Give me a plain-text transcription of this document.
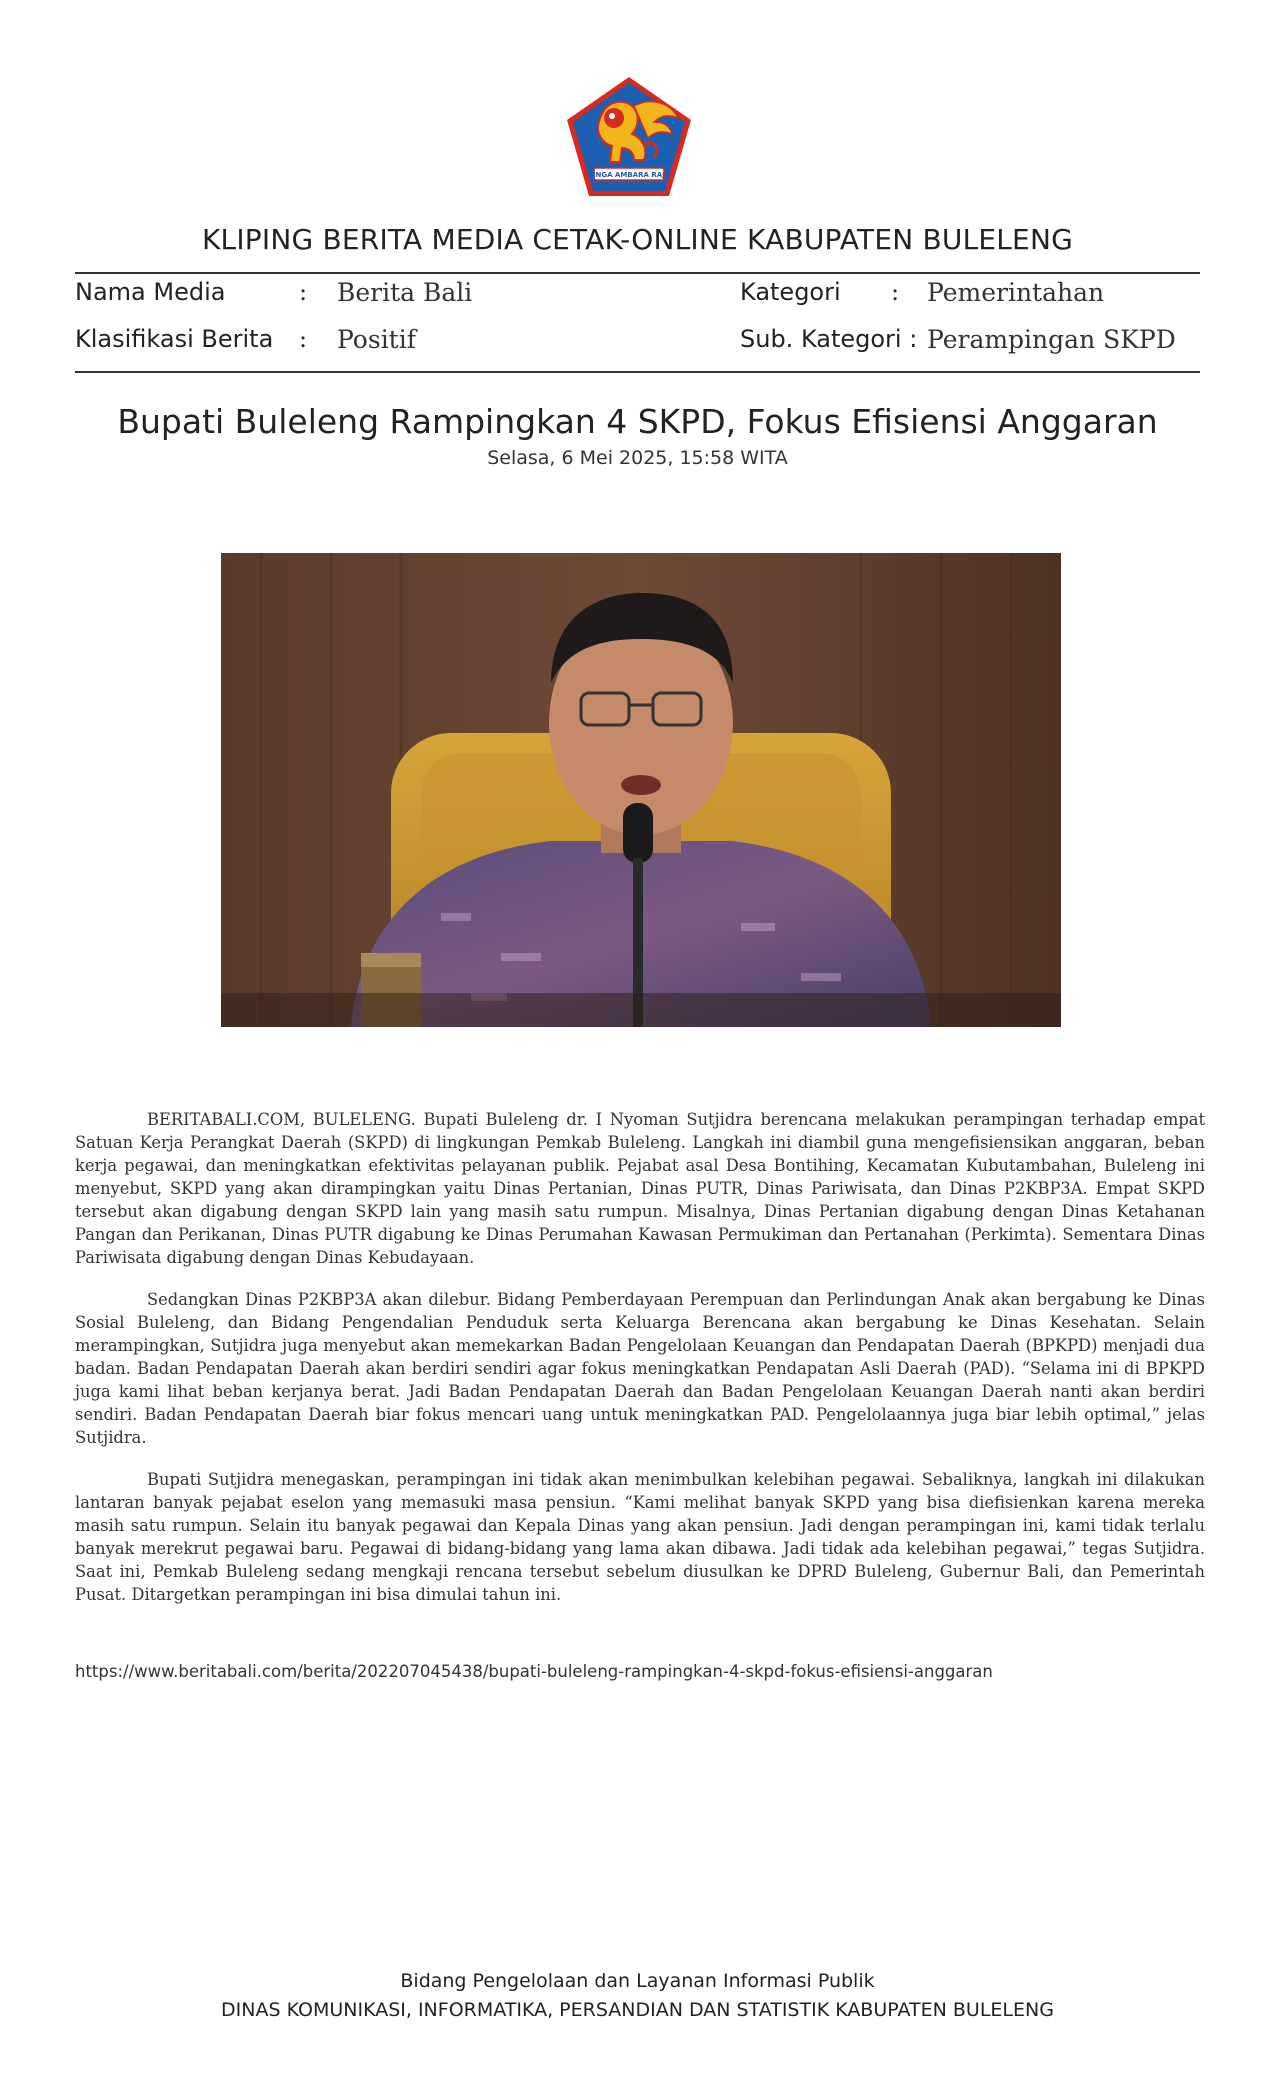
SINGA AMBARA RAJA
KLIPING BERITA MEDIA CETAK-ONLINE KABUPATEN BULELENG
Nama Media	: Berita Bali	Kategori : Pemerintahan
Klasifikasi Berita : Positif	Sub. Kategori : Perampingan SKPD
Bupati Buleleng Rampingkan 4 SKPD, Fokus Efisiensi Anggaran
Selasa, 6 Mei 2025, 15:58 WITA

BERITABALI.COM, BULELENG. Bupati Buleleng dr. I Nyoman Sutjidra berencana melakukan perampingan terhadap empat Satuan Kerja Perangkat Daerah (SKPD) di lingkungan Pemkab Buleleng. Langkah ini diambil guna mengefisiensikan anggaran, beban kerja pegawai, dan meningkatkan efektivitas pelayanan publik. Pejabat asal Desa Bontihing, Kecamatan Kubutambahan, Buleleng ini menyebut, SKPD yang akan dirampingkan yaitu Dinas Pertanian, Dinas PUTR, Dinas Pariwisata, dan Dinas P2KBP3A. Empat SKPD tersebut akan digabung dengan SKPD lain yang masih satu rumpun. Misalnya, Dinas Pertanian digabung dengan Dinas Ketahanan Pangan dan Perikanan, Dinas PUTR digabung ke Dinas Perumahan Kawasan Permukiman dan Pertanahan (Perkimta). Sementara Dinas Pariwisata digabung dengan Dinas Kebudayaan.

Sedangkan Dinas P2KBP3A akan dilebur. Bidang Pemberdayaan Perempuan dan Perlindungan Anak akan bergabung ke Dinas Sosial Buleleng, dan Bidang Pengendalian Penduduk serta Keluarga Berencana akan bergabung ke Dinas Kesehatan. Selain merampingkan, Sutjidra juga menyebut akan memekarkan Badan Pengelolaan Keuangan dan Pendapatan Daerah (BPKPD) menjadi dua badan. Badan Pendapatan Daerah akan berdiri sendiri agar fokus meningkatkan Pendapatan Asli Daerah (PAD). “Selama ini di BPKPD juga kami lihat beban kerjanya berat. Jadi Badan Pendapatan Daerah dan Badan Pengelolaan Keuangan Daerah nanti akan berdiri sendiri. Badan Pendapatan Daerah biar fokus mencari uang untuk meningkatkan PAD. Pengelolaannya juga biar lebih optimal,” jelas Sutjidra.

Bupati Sutjidra menegaskan, perampingan ini tidak akan menimbulkan kelebihan pegawai. Sebaliknya, langkah ini dilakukan lantaran banyak pejabat eselon yang memasuki masa pensiun. “Kami melihat banyak SKPD yang bisa diefisienkan karena mereka masih satu rumpun. Selain itu banyak pegawai dan Kepala Dinas yang akan pensiun. Jadi dengan perampingan ini, kami tidak terlalu banyak merekrut pegawai baru. Pegawai di bidang-bidang yang lama akan dibawa. Jadi tidak ada kelebihan pegawai,” tegas Sutjidra. Saat ini, Pemkab Buleleng sedang mengkaji rencana tersebut sebelum diusulkan ke DPRD Buleleng, Gubernur Bali, dan Pemerintah Pusat. Ditargetkan perampingan ini bisa dimulai tahun ini.

https://www.beritabali.com/berita/202207045438/bupati-buleleng-rampingkan-4-skpd-fokus-efisiensi-anggaran
Bidang Pengelolaan dan Layanan Informasi Publik
DINAS KOMUNIKASI, INFORMATIKA, PERSANDIAN DAN STATISTIK KABUPATEN BULELENG
